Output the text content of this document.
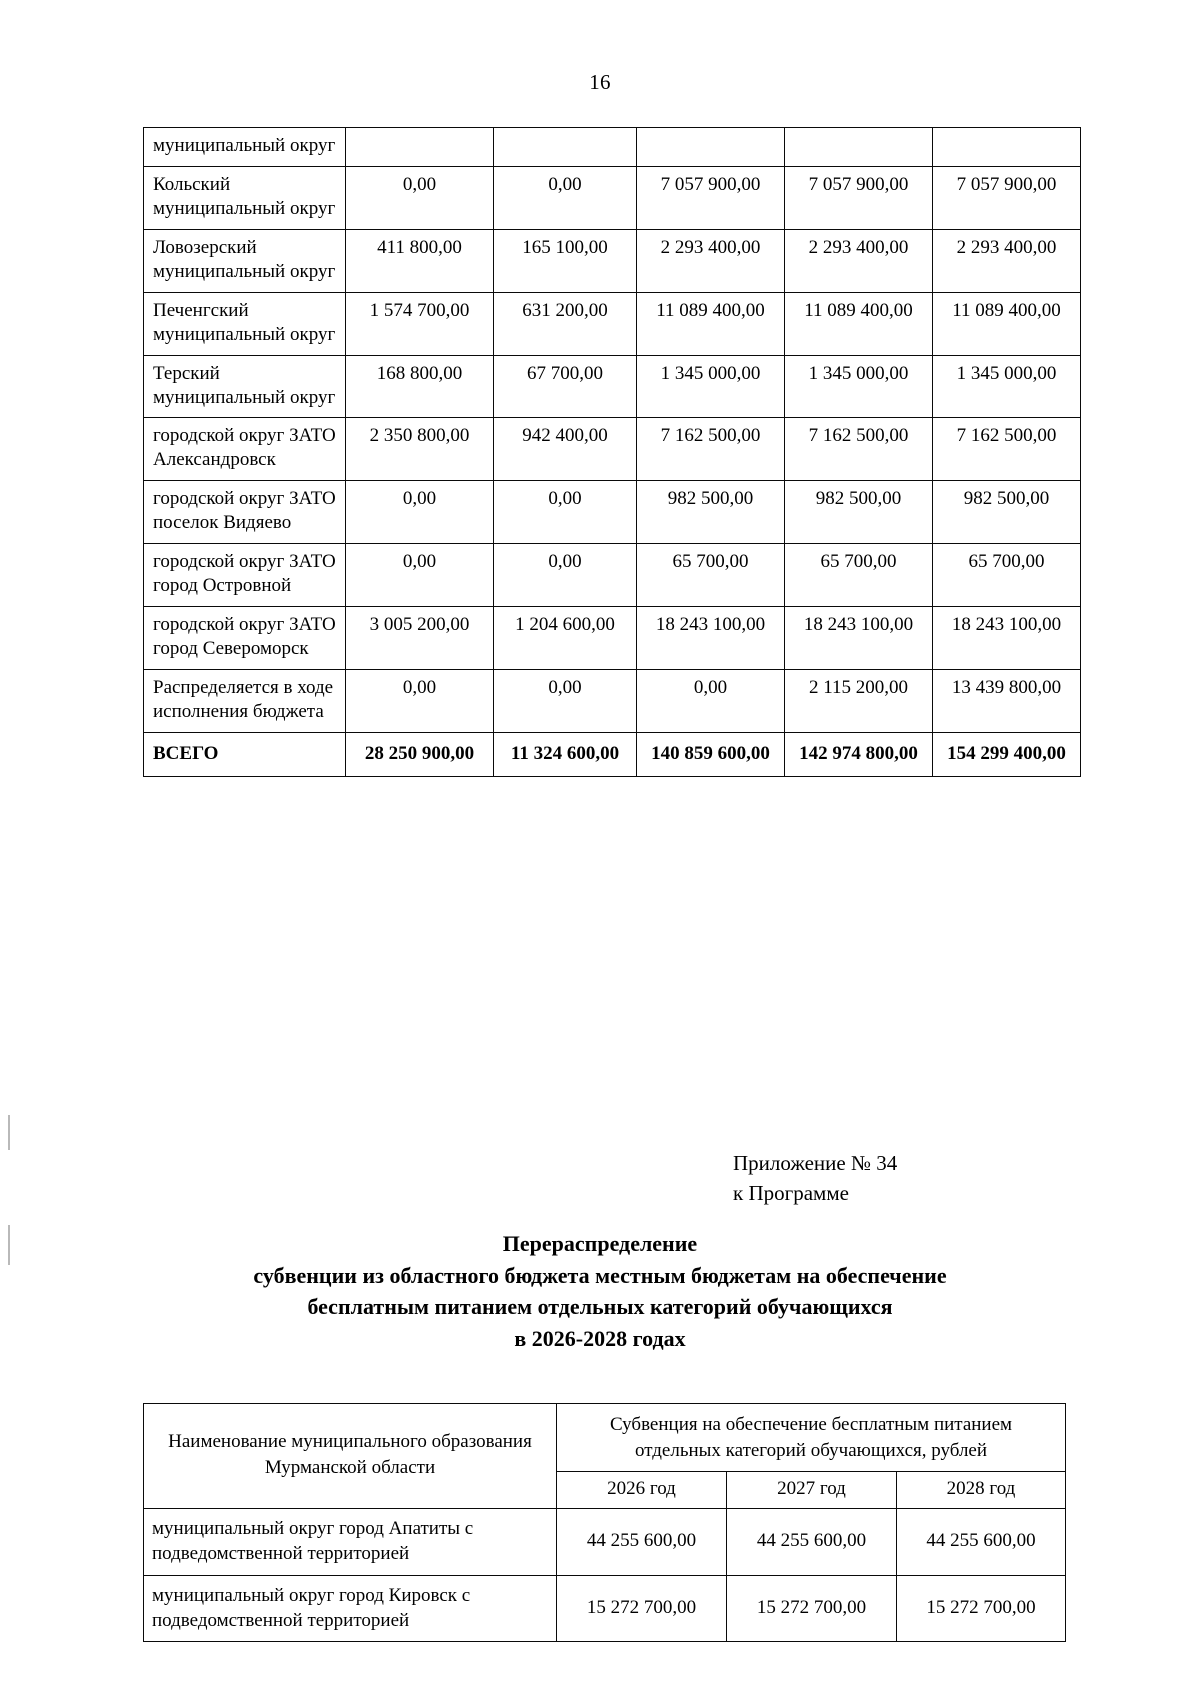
16
муниципальный округ					
Кольский муниципальный округ	0,00	0,00	7 057 900,00	7 057 900,00	7 057 900,00
Ловозерский муниципальный округ	411 800,00	165 100,00	2 293 400,00	2 293 400,00	2 293 400,00
Печенгский муниципальный округ	1 574 700,00	631 200,00	11 089 400,00	11 089 400,00	11 089 400,00
Терский муниципальный округ	168 800,00	67 700,00	1 345 000,00	1 345 000,00	1 345 000,00
городской округ ЗАТО Александровск	2 350 800,00	942 400,00	7 162 500,00	7 162 500,00	7 162 500,00
городской округ ЗАТО поселок Видяево	0,00	0,00	982 500,00	982 500,00	982 500,00
городской округ ЗАТО город Островной	0,00	0,00	65 700,00	65 700,00	65 700,00
городской округ ЗАТО город Североморск	3 005 200,00	1 204 600,00	18 243 100,00	18 243 100,00	18 243 100,00
Распределяется в ходе исполнения бюджета	0,00	0,00	0,00	2 115 200,00	13 439 800,00
ВСЕГО	28 250 900,00	11 324 600,00	140 859 600,00	142 974 800,00	154 299 400,00
Приложение № 34
к Программе
Перераспределение
субвенции из областного бюджета местным бюджетам на обеспечение
бесплатным питанием отдельных категорий обучающихся
в 2026-2028 годах
Наименование муниципального образования Мурманской области	Субвенция на обеспечение бесплатным питанием отдельных категорий обучающихся, рублей		
	2026 год	2027 год	2028 год
муниципальный округ город Апатиты с подведомственной территорией	44 255 600,00	44 255 600,00	44 255 600,00
муниципальный округ город Кировск с подведомственной территорией	15 272 700,00	15 272 700,00	15 272 700,00
